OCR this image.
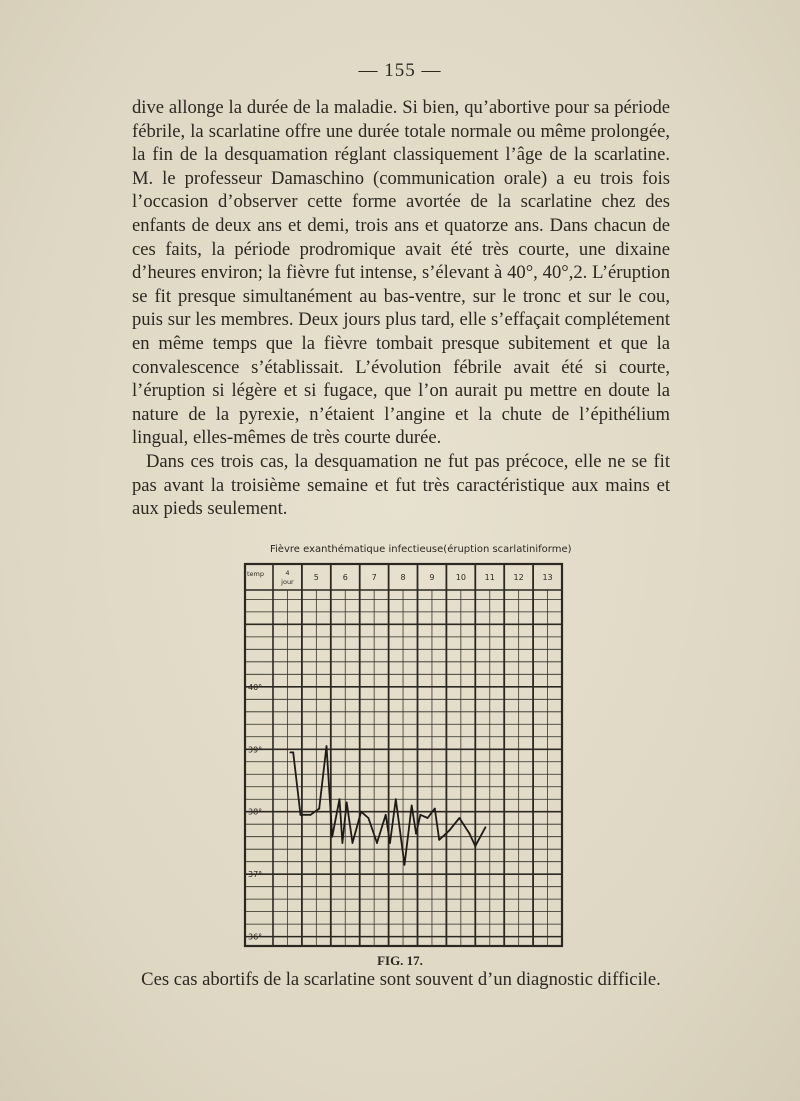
— 155 —

dive allonge la durée de la maladie. Si bien, qu’abortive pour sa période fébrile, la scarlatine offre une durée totale normale ou même prolongée, la fin de la desquamation réglant classiquement l’âge de la scarlatine. M. le professeur Damaschino (communication orale) a eu trois fois l’occasion d’observer cette forme avortée de la scarlatine chez des enfants de deux ans et demi, trois ans et quatorze ans. Dans chacun de ces faits, la période prodromique avait été très courte, une dixaine d’heures environ; la fièvre fut intense, s’élevant à 40°, 40°,2. L’éruption se fit presque simultanément au bas-ventre, sur le tronc et sur le cou, puis sur les membres. Deux jours plus tard, elle s’effaçait complétement en même temps que la fièvre tombait presque subitement et que la convalescence s’établissait. L’évolution fébrile avait été si courte, l’éruption si légère et si fugace, que l’on aurait pu mettre en doute la nature de la pyrexie, n’étaient l’angine et la chute de l’épithélium lingual, elles-mêmes de très courte durée.

Dans ces trois cas, la desquamation ne fut pas précoce, elle ne se fit pas avant la troisième semaine et fut très caractéristique aux mains et aux pieds seulement.

Fièvre exanthématique infectieuse(éruption scarlatiniforme)
temp	4
jour	5	6	7	8	9	10 11 12 13
40°
39°
38°
37°
36°
FIG. 17.
Ces cas abortifs de la scarlatine sont souvent d’un diagnostic difficile.
